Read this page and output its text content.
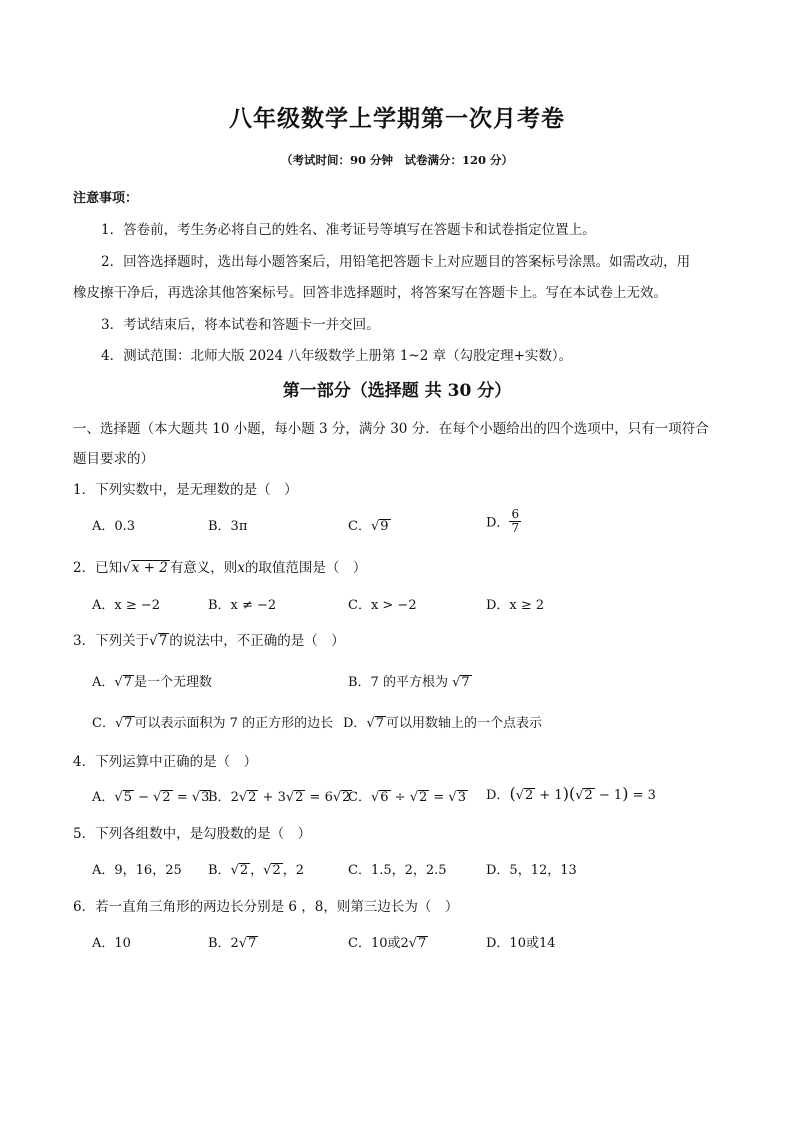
八年级数学上学期第一次月考卷
（考试时间：90 分钟　试卷满分：120 分）
注意事项：
1．答卷前，考生务必将自己的姓名、准考证号等填写在答题卡和试卷指定位置上。
2．回答选择题时，选出每小题答案后，用铅笔把答题卡上对应题目的答案标号涂黑。如需改动，用
橡皮擦干净后，再选涂其他答案标号。回答非选择题时，将答案写在答题卡上。写在本试卷上无效。
3．考试结束后，将本试卷和答题卡一并交回。
4．测试范围：北师大版 2024 八年级数学上册第 1~2 章（勾股定理+实数）。
第一部分（选择题 共 30 分）
一、选择题（本大题共 10 小题，每小题 3 分，满分 30 分．在每个小题给出的四个选项中，只有一项符合
题目要求的）
1．下列实数中，是无理数的是（　）
A．0.3	B．3π	C．√9	D． $\frac{6}{7}$
2．已知√x + 2 有意义，则x的取值范围是（　）
A．x ≥ −2	B．x ≠ −2	C．x > −2	D．x ≥ 2
3．下列关于√7 的说法中，不正确的是（　）
A．√7 是一个无理数	B．7 的平方根为 √7
C．√7 可以表示面积为 7 的正方形的边长 D．√7 可以用数轴上的一个点表示
4．下列运算中正确的是（　）
A．√5 − √2 = √3
B．2√2 + 3√2 = 6√2
C．√6 ÷ √2 = √3 D．(√2 + 1)(√2 − 1) = 3
5．下列各组数中，是勾股数的是（　）
A．9，16，25 B．√2 ，√2 ，2	C．1.5，2，2.5	D．5，12，13
6．若一直角三角形的两边长分别是 6 ，8，则第三边长为（　）
A．10	B．2√7	C．10或2√7	D．10或14
